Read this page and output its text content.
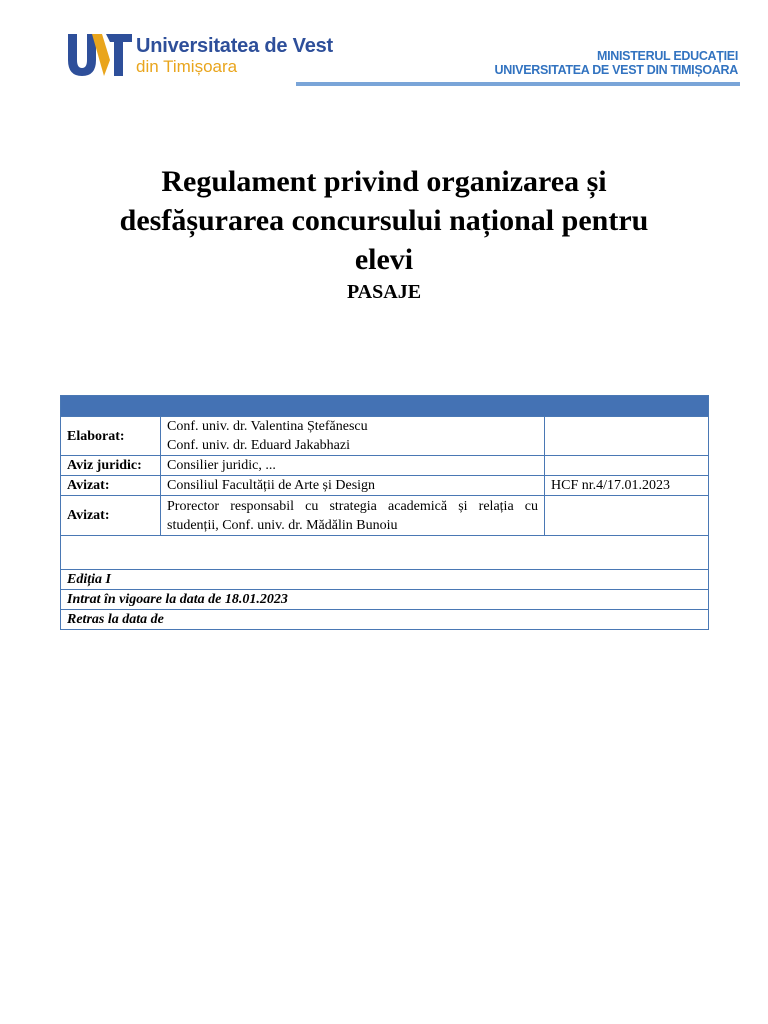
Universitatea de Vest
din Timișoara
MINISTERUL EDUCAȚIEI
UNIVERSITATEA DE VEST DIN TIMIȘOARA
Regulament privind organizarea și
desfășurarea concursului național pentru
elevi
PASAJE

Elaborat:	Conf. univ. dr. Valentina Ștefănescu
Conf. univ. dr. Eduard Jakabhazi	

Aviz juridic:	Consilier juridic, ...	
Avizat:	Consiliul Facultății de Arte și Design	HCF nr.4/17.01.2023
Avizat:	Prorector responsabil cu strategia academică și relația cu studenții, Conf. univ. dr. Mădălin Bunoiu	

Ediția I		
Intrat în vigoare la data de 18.01.2023		
Retras la data de		
